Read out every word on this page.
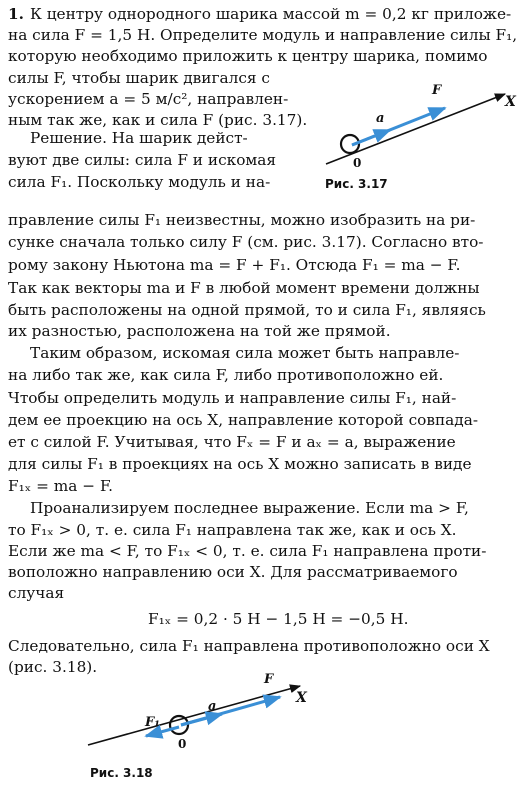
1. К центру однородного шарика массой m = 0,2 кг приложе-
на сила F = 1,5 Н. Определите модуль и направление силы F₁,
которую необходимо приложить к центру шарика, помимо
силы F, чтобы шарик двигался с
ускорением a = 5 м/с², направлен-
ным так же, как и сила F (рис. 3.17).
Решение. На шарик дейст-
вуют две силы: сила F и искомая
сила F₁. Поскольку модуль и на-
правление силы F₁ неизвестны, можно изобразить на ри-
сунке сначала только силу F (см. рис. 3.17). Согласно вто-
рому закону Ньютона ma = F + F₁. Отсюда F₁ = ma − F.
Так как векторы ma и F в любой момент времени должны
быть расположены на одной прямой, то и сила F₁, являясь
их разностью, расположена на той же прямой.
Таким образом, искомая сила может быть направле-
на либо так же, как сила F, либо противоположно ей.
Чтобы определить модуль и направление силы F₁, най-
дем ее проекцию на ось X, направление которой совпада-
ет с силой F. Учитывая, что Fₓ = F и aₓ = a, выражение
для силы F₁ в проекциях на ось X можно записать в виде
F₁ₓ = ma − F.
Проанализируем последнее выражение. Если ma > F,
то F₁ₓ > 0, т. е. сила F₁ направлена так же, как и ось X.
Если же ma < F, то F₁ₓ < 0, т. е. сила F₁ направлена проти-
воположно направлению оси X. Для рассматриваемого
случая
F₁ₓ = 0,2 · 5 Н − 1,5 Н = −0,5 Н.
Следовательно, сила F₁ направлена противоположно оси X
(рис. 3.18).
F
a
X
0
Рис. 3.17
F
a
X
F₁
0
Рис. 3.18
